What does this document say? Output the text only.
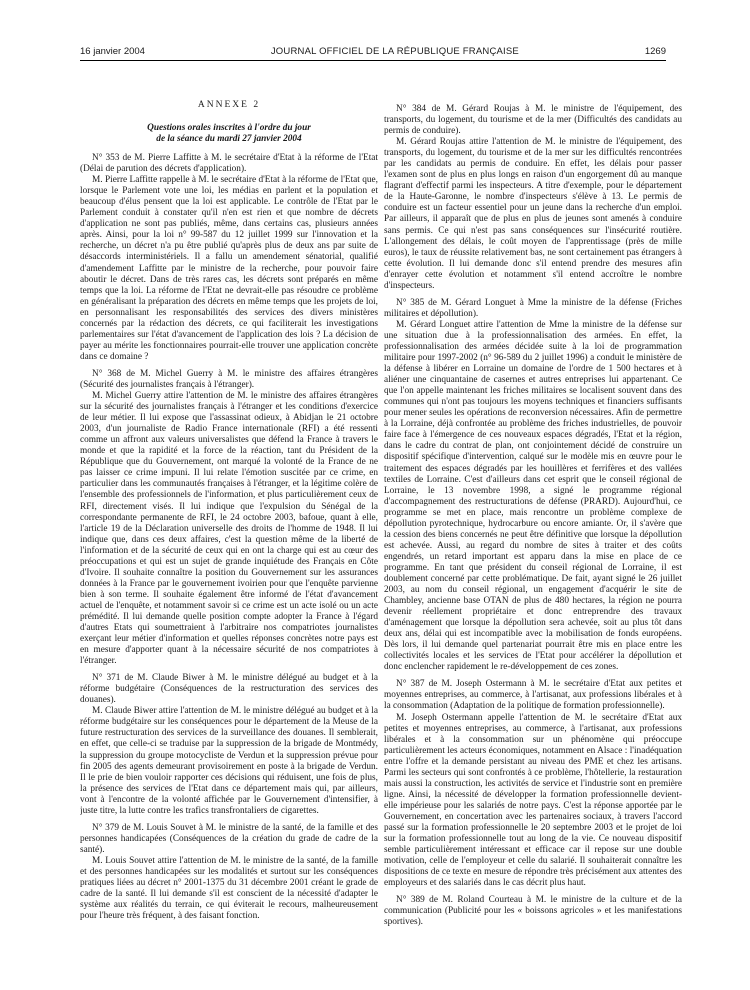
16 janvier 2004	JOURNAL OFFICIEL DE LA RÉPUBLIQUE FRANÇAISE	1269
ANNEXE 2
Questions orales inscrites à l'ordre du jour
de la séance du mardi 27 janvier 2004

N° 353 de M. Pierre Laffitte à M. le secrétaire d'Etat à la réforme de l'Etat (Délai de parution des décrets d'application).

M. Pierre Laffitte rappelle à M. le secrétaire d'Etat à la réforme de l'Etat que, lorsque le Parlement vote une loi, les médias en parlent et la population et beaucoup d'élus pensent que la loi est applicable. Le contrôle de l'Etat par le Parlement conduit à constater qu'il n'en est rien et que nombre de décrets d'application ne sont pas publiés, même, dans certains cas, plusieurs années après. Ainsi, pour la loi n° 99-587 du 12 juillet 1999 sur l'innovation et la recherche, un décret n'a pu être publié qu'après plus de deux ans par suite de désaccords interministériels. Il a fallu un amendement sénatorial, qualifié d'amendement Laffitte par le ministre de la recherche, pour pouvoir faire aboutir le décret. Dans de très rares cas, les décrets sont préparés en même temps que la loi. La réforme de l'Etat ne devrait-elle pas résoudre ce problème en généralisant la préparation des décrets en même temps que les projets de loi, en personnalisant les responsabilités des services des divers ministères concernés par la rédaction des décrets, ce qui faciliterait les investigations parlementaires sur l'état d'avancement de l'application des lois ? La décision de payer au mérite les fonctionnaires pourrait-elle trouver une application concrète dans ce domaine ?

N° 368 de M. Michel Guerry à M. le ministre des affaires étrangères (Sécurité des journalistes français à l'étranger).

M. Michel Guerry attire l'attention de M. le ministre des affaires étrangères sur la sécurité des journalistes français à l'étranger et les conditions d'exercice de leur métier. Il lui expose que l'assassinat odieux, à Abidjan le 21 octobre 2003, d'un journaliste de Radio France internationale (RFI) a été ressenti comme un affront aux valeurs universalistes que défend la France à travers le monde et que la rapidité et la force de la réaction, tant du Président de la République que du Gouvernement, ont marqué la volonté de la France de ne pas laisser ce crime impuni. Il lui relate l'émotion suscitée par ce crime, en particulier dans les communautés françaises à l'étranger, et la légitime colère de l'ensemble des professionnels de l'information, et plus particulièrement ceux de RFI, directement visés. Il lui indique que l'expulsion du Sénégal de la correspondante permanente de RFI, le 24 octobre 2003, bafoue, quant à elle, l'article 19 de la Déclaration universelle des droits de l'homme de 1948. Il lui indique que, dans ces deux affaires, c'est la question même de la liberté de l'information et de la sécurité de ceux qui en ont la charge qui est au cœur des préoccupations et qui est un sujet de grande inquiétude des Français en Côte d'Ivoire. Il souhaite connaître la position du Gouvernement sur les assurances données à la France par le gouvernement ivoirien pour que l'enquête parvienne bien à son terme. Il souhaite également être informé de l'état d'avancement actuel de l'enquête, et notamment savoir si ce crime est un acte isolé ou un acte prémédité. Il lui demande quelle position compte adopter la France à l'égard d'autres Etats qui soumettraient à l'arbitraire nos compatriotes journalistes exerçant leur métier d'information et quelles réponses concrètes notre pays est en mesure d'apporter quant à la nécessaire sécurité de nos compatriotes à l'étranger.

N° 371 de M. Claude Biwer à M. le ministre délégué au budget et à la réforme budgétaire (Conséquences de la restructuration des services des douanes).

M. Claude Biwer attire l'attention de M. le ministre délégué au budget et à la réforme budgétaire sur les conséquences pour le département de la Meuse de la future restructuration des services de la surveillance des douanes. Il semblerait, en effet, que celle-ci se traduise par la suppression de la brigade de Montmédy, la suppression du groupe motocycliste de Verdun et la suppression prévue pour fin 2005 des agents demeurant provisoirement en poste à la brigade de Verdun. Il le prie de bien vouloir rapporter ces décisions qui réduisent, une fois de plus, la présence des services de l'Etat dans ce département mais qui, par ailleurs, vont à l'encontre de la volonté affichée par le Gouvernement d'intensifier, à juste titre, la lutte contre les trafics transfrontaliers de cigarettes.

N° 379 de M. Louis Souvet à M. le ministre de la santé, de la famille et des personnes handicapées (Conséquences de la création du grade de cadre de la santé).

M. Louis Souvet attire l'attention de M. le ministre de la santé, de la famille et des personnes handicapées sur les modalités et surtout sur les conséquences pratiques liées au décret n° 2001-1375 du 31 décembre 2001 créant le grade de cadre de la santé. Il lui demande s'il est conscient de la nécessité d'adapter le système aux réalités du terrain, ce qui éviterait le recours, malheureusement pour l'heure très fréquent, à des faisant fonction.

N° 384 de M. Gérard Roujas à M. le ministre de l'équipement, des transports, du logement, du tourisme et de la mer (Difficultés des candidats au permis de conduire).

M. Gérard Roujas attire l'attention de M. le ministre de l'équipement, des transports, du logement, du tourisme et de la mer sur les difficultés rencontrées par les candidats au permis de conduire. En effet, les délais pour passer l'examen sont de plus en plus longs en raison d'un engorgement dû au manque flagrant d'effectif parmi les inspecteurs. A titre d'exemple, pour le département de la Haute-Garonne, le nombre d'inspecteurs s'élève à 13. Le permis de conduire est un facteur essentiel pour un jeune dans la recherche d'un emploi. Par ailleurs, il apparaît que de plus en plus de jeunes sont amenés à conduire sans permis. Ce qui n'est pas sans conséquences sur l'insécurité routière. L'allongement des délais, le coût moyen de l'apprentissage (près de mille euros), le taux de réussite relativement bas, ne sont certainement pas étrangers à cette évolution. Il lui demande donc s'il entend prendre des mesures afin d'enrayer cette évolution et notamment s'il entend accroître le nombre d'inspecteurs.

N° 385 de M. Gérard Longuet à Mme la ministre de la défense (Friches militaires et dépollution).

M. Gérard Longuet attire l'attention de Mme la ministre de la défense sur une situation due à la professionnalisation des armées. En effet, la professionnalisation des armées décidée suite à la loi de programmation militaire pour 1997-2002 (n° 96-589 du 2 juillet 1996) a conduit le ministère de la défense à libérer en Lorraine un domaine de l'ordre de 1 500 hectares et à aliéner une cinquantaine de casernes et autres entreprises lui appartenant. Ce que l'on appelle maintenant les friches militaires se localisent souvent dans des communes qui n'ont pas toujours les moyens techniques et financiers suffisants pour mener seules les opérations de reconversion nécessaires. Afin de permettre à la Lorraine, déjà confrontée au problème des friches industrielles, de pouvoir faire face à l'émergence de ces nouveaux espaces dégradés, l'Etat et la région, dans le cadre du contrat de plan, ont conjointement décidé de construire un dispositif spécifique d'intervention, calqué sur le modèle mis en œuvre pour le traitement des espaces dégradés par les houillères et ferrifères et des vallées textiles de Lorraine. C'est d'ailleurs dans cet esprit que le conseil régional de Lorraine, le 13 novembre 1998, a signé le programme régional d'accompagnement des restructurations de défense (PRARD). Aujourd'hui, ce programme se met en place, mais rencontre un problème complexe de dépollution pyrotechnique, hydrocarbure ou encore amiante. Or, il s'avère que la cession des biens concernés ne peut être définitive que lorsque la dépollution est achevée. Aussi, au regard du nombre de sites à traiter et des coûts engendrés, un retard important est apparu dans la mise en place de ce programme. En tant que président du conseil régional de Lorraine, il est doublement concerné par cette problématique. De fait, ayant signé le 26 juillet 2003, au nom du conseil régional, un engagement d'acquérir le site de Chambley, ancienne base OTAN de plus de 480 hectares, la région ne pourra devenir réellement propriétaire et donc entreprendre des travaux d'aménagement que lorsque la dépollution sera achevée, soit au plus tôt dans deux ans, délai qui est incompatible avec la mobilisation de fonds européens. Dès lors, il lui demande quel partenariat pourrait être mis en place entre les collectivités locales et les services de l'Etat pour accélérer la dépollution et donc enclencher rapidement le re-développement de ces zones.

N° 387 de M. Joseph Ostermann à M. le secrétaire d'Etat aux petites et moyennes entreprises, au commerce, à l'artisanat, aux professions libérales et à la consommation (Adaptation de la politique de formation professionnelle).

M. Joseph Ostermann appelle l'attention de M. le secrétaire d'Etat aux petites et moyennes entreprises, au commerce, à l'artisanat, aux professions libérales et à la consommation sur un phénomène qui préoccupe particulièrement les acteurs économiques, notamment en Alsace : l'inadéquation entre l'offre et la demande persistant au niveau des PME et chez les artisans. Parmi les secteurs qui sont confrontés à ce problème, l'hôtellerie, la restauration mais aussi la construction, les activités de service et l'industrie sont en première ligne. Ainsi, la nécessité de développer la formation professionnelle devient-elle impérieuse pour les salariés de notre pays. C'est la réponse apportée par le Gouvernement, en concertation avec les partenaires sociaux, à travers l'accord passé sur la formation professionnelle le 20 septembre 2003 et le projet de loi sur la formation professionnelle tout au long de la vie. Ce nouveau dispositif semble particulièrement intéressant et efficace car il repose sur une double motivation, celle de l'employeur et celle du salarié. Il souhaiterait connaître les dispositions de ce texte en mesure de répondre très précisément aux attentes des employeurs et des salariés dans le cas décrit plus haut.

N° 389 de M. Roland Courteau à M. le ministre de la culture et de la communication (Publicité pour les « boissons agricoles » et les manifestations sportives).
